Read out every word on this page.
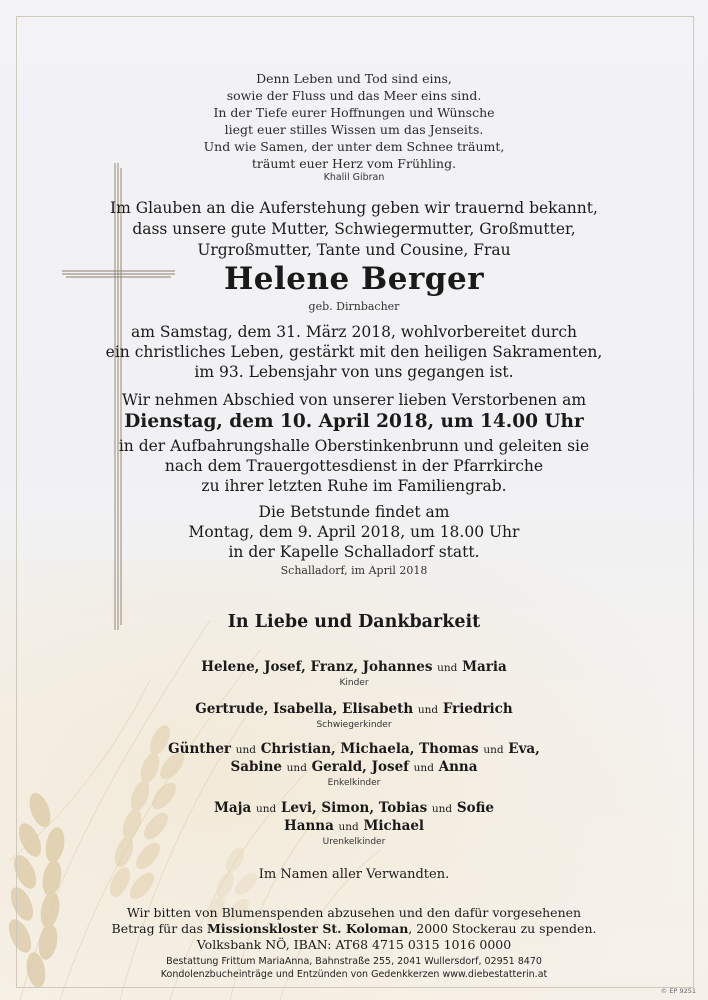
Denn Leben und Tod sind eins,
sowie der Fluss und das Meer eins sind.
In der Tiefe eurer Hoffnungen und Wünsche
liegt euer stilles Wissen um das Jenseits.
Und wie Samen, der unter dem Schnee träumt,
träumt euer Herz vom Frühling.
Khalil Gibran
Im Glauben an die Auferstehung geben wir trauernd bekannt,
dass unsere gute Mutter, Schwiegermutter, Großmutter,
Urgroßmutter, Tante und Cousine, Frau
Helene Berger
geb. Dirnbacher
am Samstag, dem 31. März 2018, wohlvorbereitet durch
ein christliches Leben, gestärkt mit den heiligen Sakramenten,
im 93. Lebensjahr von uns gegangen ist.
Wir nehmen Abschied von unserer lieben Verstorbenen am
Dienstag, dem 10. April 2018, um 14.00 Uhr
in der Aufbahrungshalle Oberstinkenbrunn und geleiten sie
nach dem Trauergottesdienst in der Pfarrkirche
zu ihrer letzten Ruhe im Familiengrab.
Die Betstunde findet am
Montag, dem 9. April 2018, um 18.00 Uhr
in der Kapelle Schalladorf statt.
Schalladorf, im April 2018
In Liebe und Dankbarkeit
Helene, Josef, Franz, Johannes und Maria
Kinder
Gertrude, Isabella, Elisabeth und Friedrich
Schwiegerkinder
Günther und Christian, Michaela, Thomas und Eva,
Sabine und Gerald, Josef und Anna
Enkelkinder
Maja und Levi, Simon, Tobias und Sofie
Hanna und Michael
Urenkelkinder
Im Namen aller Verwandten.
Wir bitten von Blumenspenden abzusehen und den dafür vorgesehenen
Betrag für das Missionskloster St. Koloman, 2000 Stockerau zu spenden.
Volksbank NÖ, IBAN: AT68 4715 0315 1016 0000
Bestattung Frittum MariaAnna, Bahnstraße 255, 2041 Wullersdorf, 02951 8470
Kondolenzbucheinträge und Entzünden von Gedenkkerzen www.diebestatterin.at
© EP 9251
